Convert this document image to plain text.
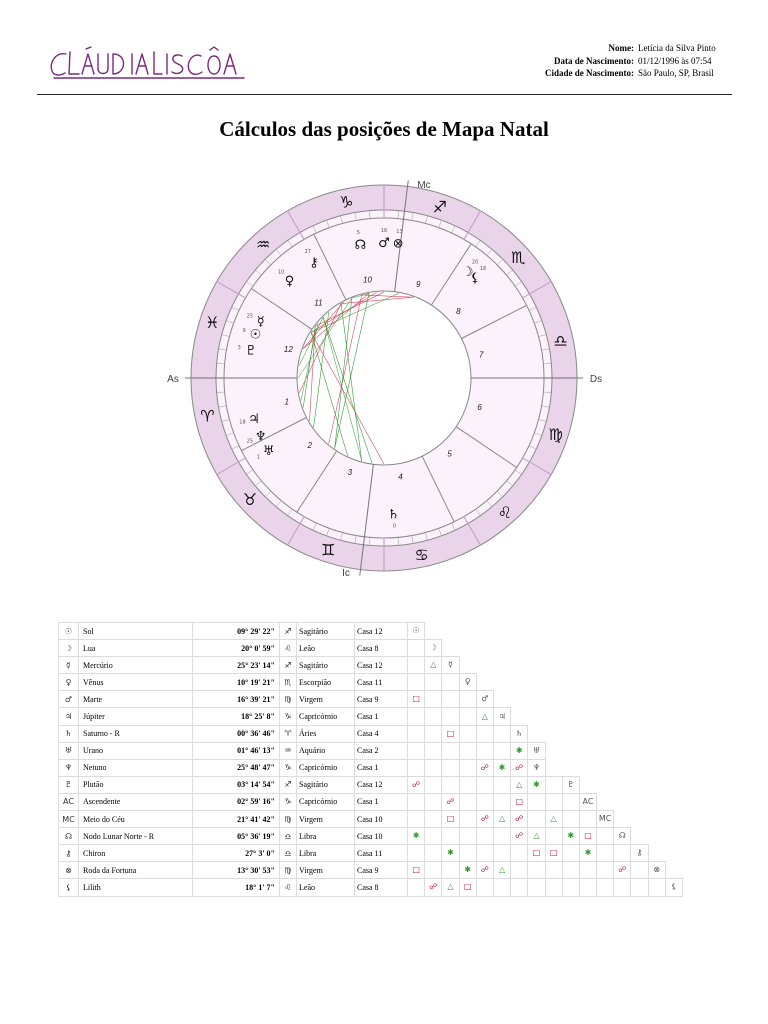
Nome: Letícia da Silva Pinto
Data de Nascimento: 01/12/1996 às 07:54
Cidade de Nascimento: São Paulo, SP, Brasil
Cálculos das posições de Mapa Natal
♈
♉
♊	♋
♌
♍
♎
♏
♐
♑
♒
♓
1
2
3
4
5
6
7
8
9
10
11
12
Mc
Ic
As	Ds
☉
9
☿
25
♇
3
♀
10
♃
18
♆
25
♅
1
♄
0
☽
20
⚸
18
♂
16
⊗
13
☊
5
⚷
27
☉	Sol	09° 29' 22"	♐	Sagitário	Casa 12	☉															
☽	Lua	20° 0' 59"	♌	Leão	Casa 8		☽														
☿	Mercúrio	25° 23' 14"	♐	Sagitário	Casa 12		△	☿													
♀	Vênus	10° 19' 21"	♏	Escorpião	Casa 11				♀												
♂	Marte	16° 39' 21"	♍	Virgem	Casa 9	□				♂											
♃	Júpiter	18° 25' 8"	♑	Capricórnio	Casa 1					△	♃										
♄	Saturno - R	00° 36' 46"	♈	Áries	Casa 4			□				♄									
♅	Urano	01° 46' 13"	♒	Aquário	Casa 2							✱	♅								
♆	Netuno	25° 48' 47"	♑	Capricórnio	Casa 1					☍	✱	☍	♆								
♇	Plutão	03° 14' 54"	♐	Sagitário	Casa 12	☍						△	✱		♇						
AC	Ascendente	02° 59' 16"	♑	Capricórnio	Casa 1			☍				□				AC					
MC	Meio do Céu	21° 41' 42"	♍	Virgem	Casa 10			□		☍	△	☍		△			MC				
☊	Nodo Lunar Norte - R	05° 36' 19"	♎	Libra	Casa 10	✱						☍	△		✱	□		☊			
⚷	Chiron	27° 3' 0"	♎	Libra	Casa 11			✱					□	□		✱			⚷		
⊗	Roda da Fortuna	13° 30' 53"	♍	Virgem	Casa 9	□			✱	☍	△							☍		⊗	
⚸	Lilith	18° 1' 7"	♌	Leão	Casa 8		☍	△	□												⚸
